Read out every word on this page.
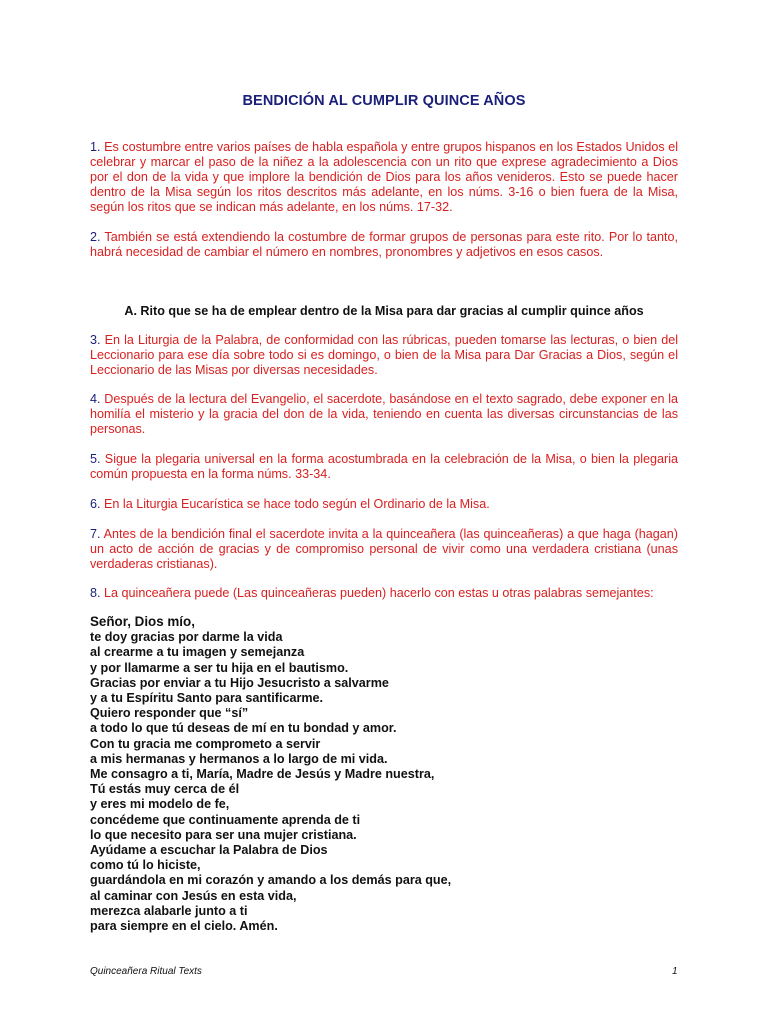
BENDICIÓN AL CUMPLIR QUINCE AÑOS
1. Es costumbre entre varios países de habla española y entre grupos hispanos en los Estados Unidos el celebrar y marcar el paso de la niñez a la adolescencia con un rito que exprese agradecimiento a Dios por el don de la vida y que implore la bendición de Dios para los años venideros. Esto se puede hacer dentro de la Misa según los ritos descritos más adelante, en los núms. 3-16 o bien fuera de la Misa, según los ritos que se indican más adelante, en los núms. 17-32.
2. También se está extendiendo la costumbre de formar grupos de personas para este rito. Por lo tanto, habrá necesidad de cambiar el número en nombres, pronombres y adjetivos en esos casos.
A. Rito que se ha de emplear dentro de la Misa para dar gracias al cumplir quince años
3. En la Liturgia de la Palabra, de conformidad con las rúbricas, pueden tomarse las lecturas, o bien del Leccionario para ese día sobre todo si es domingo, o bien de la Misa para Dar Gracias a Dios, según el Leccionario de las Misas por diversas necesidades.
4. Después de la lectura del Evangelio, el sacerdote, basándose en el texto sagrado, debe exponer en la homilía el misterio y la gracia del don de la vida, teniendo en cuenta las diversas circunstancias de las personas.
5. Sigue la plegaria universal en la forma acostumbrada en la celebración de la Misa, o bien la plegaria común propuesta en la forma núms. 33-34.
6. En la Liturgia Eucarística se hace todo según el Ordinario de la Misa.
7. Antes de la bendición final el sacerdote invita a la quinceañera (las quinceañeras) a que haga (hagan) un acto de acción de gracias y de compromiso personal de vivir como una verdadera cristiana (unas verdaderas cristianas).
8. La quinceañera puede (Las quinceañeras pueden) hacerlo con estas u otras palabras semejantes:
Señor, Dios mío,
te doy gracias por darme la vida
al crearme a tu imagen y semejanza
y por llamarme a ser tu hija en el bautismo.
Gracias por enviar a tu Hijo Jesucristo a salvarme
y a tu Espíritu Santo para santificarme.
Quiero responder que “sí”
a todo lo que tú deseas de mí en tu bondad y amor.
Con tu gracia me comprometo a servir
a mis hermanas y hermanos a lo largo de mi vida.
Me consagro a ti, María, Madre de Jesús y Madre nuestra,
Tú estás muy cerca de él
y eres mi modelo de fe,
concédeme que continuamente aprenda de ti
lo que necesito para ser una mujer cristiana.
Ayúdame a escuchar la Palabra de Dios
como tú lo hiciste,
guardándola en mi corazón y amando a los demás para que,
al caminar con Jesús en esta vida,
merezca alabarle junto a ti
para siempre en el cielo. Amén.
Quinceañera Ritual Texts	1
